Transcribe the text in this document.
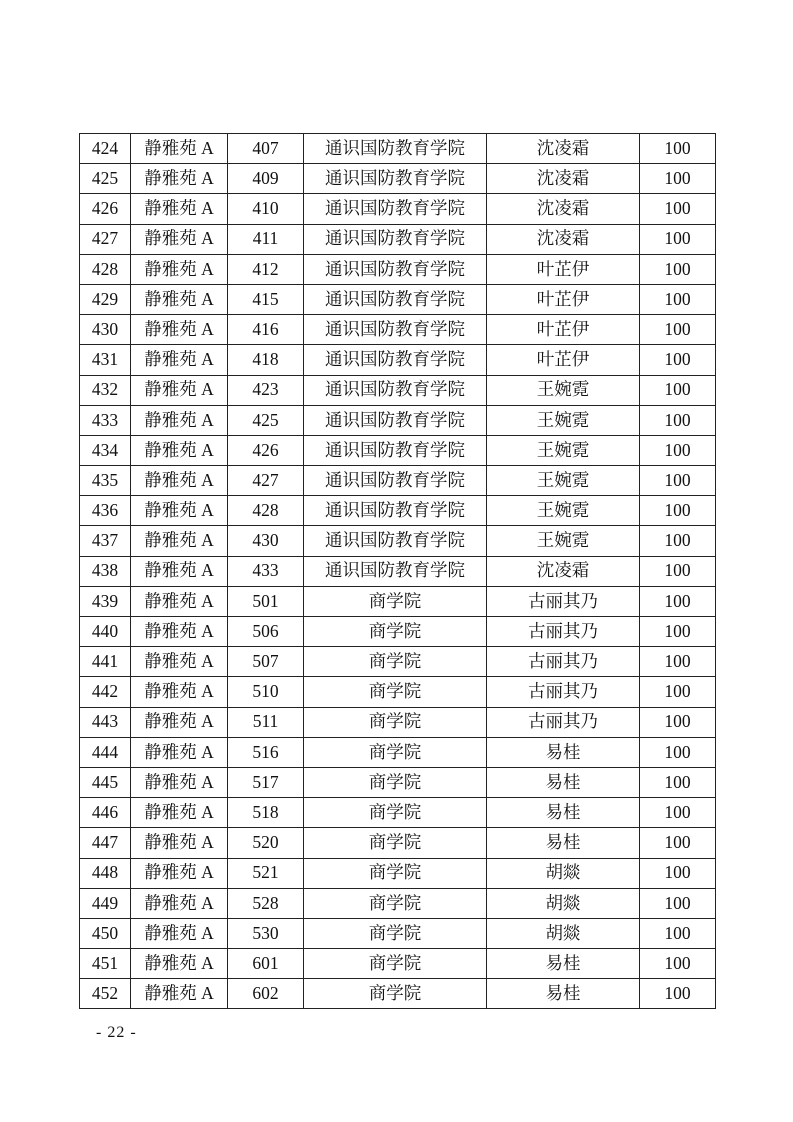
424	静雅苑 A	407	通识国防教育学院	沈凌霜	100
425	静雅苑 A	409	通识国防教育学院	沈凌霜	100
426	静雅苑 A	410	通识国防教育学院	沈凌霜	100
427	静雅苑 A	411	通识国防教育学院	沈凌霜	100
428	静雅苑 A	412	通识国防教育学院	叶芷伊	100
429	静雅苑 A	415	通识国防教育学院	叶芷伊	100
430	静雅苑 A	416	通识国防教育学院	叶芷伊	100
431	静雅苑 A	418	通识国防教育学院	叶芷伊	100
432	静雅苑 A	423	通识国防教育学院	王婉霓	100
433	静雅苑 A	425	通识国防教育学院	王婉霓	100
434	静雅苑 A	426	通识国防教育学院	王婉霓	100
435	静雅苑 A	427	通识国防教育学院	王婉霓	100
436	静雅苑 A	428	通识国防教育学院	王婉霓	100
437	静雅苑 A	430	通识国防教育学院	王婉霓	100
438	静雅苑 A	433	通识国防教育学院	沈凌霜	100
439	静雅苑 A	501	商学院	古丽其乃	100
440	静雅苑 A	506	商学院	古丽其乃	100
441	静雅苑 A	507	商学院	古丽其乃	100
442	静雅苑 A	510	商学院	古丽其乃	100
443	静雅苑 A	511	商学院	古丽其乃	100
444	静雅苑 A	516	商学院	易桂	100
445	静雅苑 A	517	商学院	易桂	100
446	静雅苑 A	518	商学院	易桂	100
447	静雅苑 A	520	商学院	易桂	100
448	静雅苑 A	521	商学院	胡燚	100
449	静雅苑 A	528	商学院	胡燚	100
450	静雅苑 A	530	商学院	胡燚	100
451	静雅苑 A	601	商学院	易桂	100
452	静雅苑 A	602	商学院	易桂	100
- 22 -
